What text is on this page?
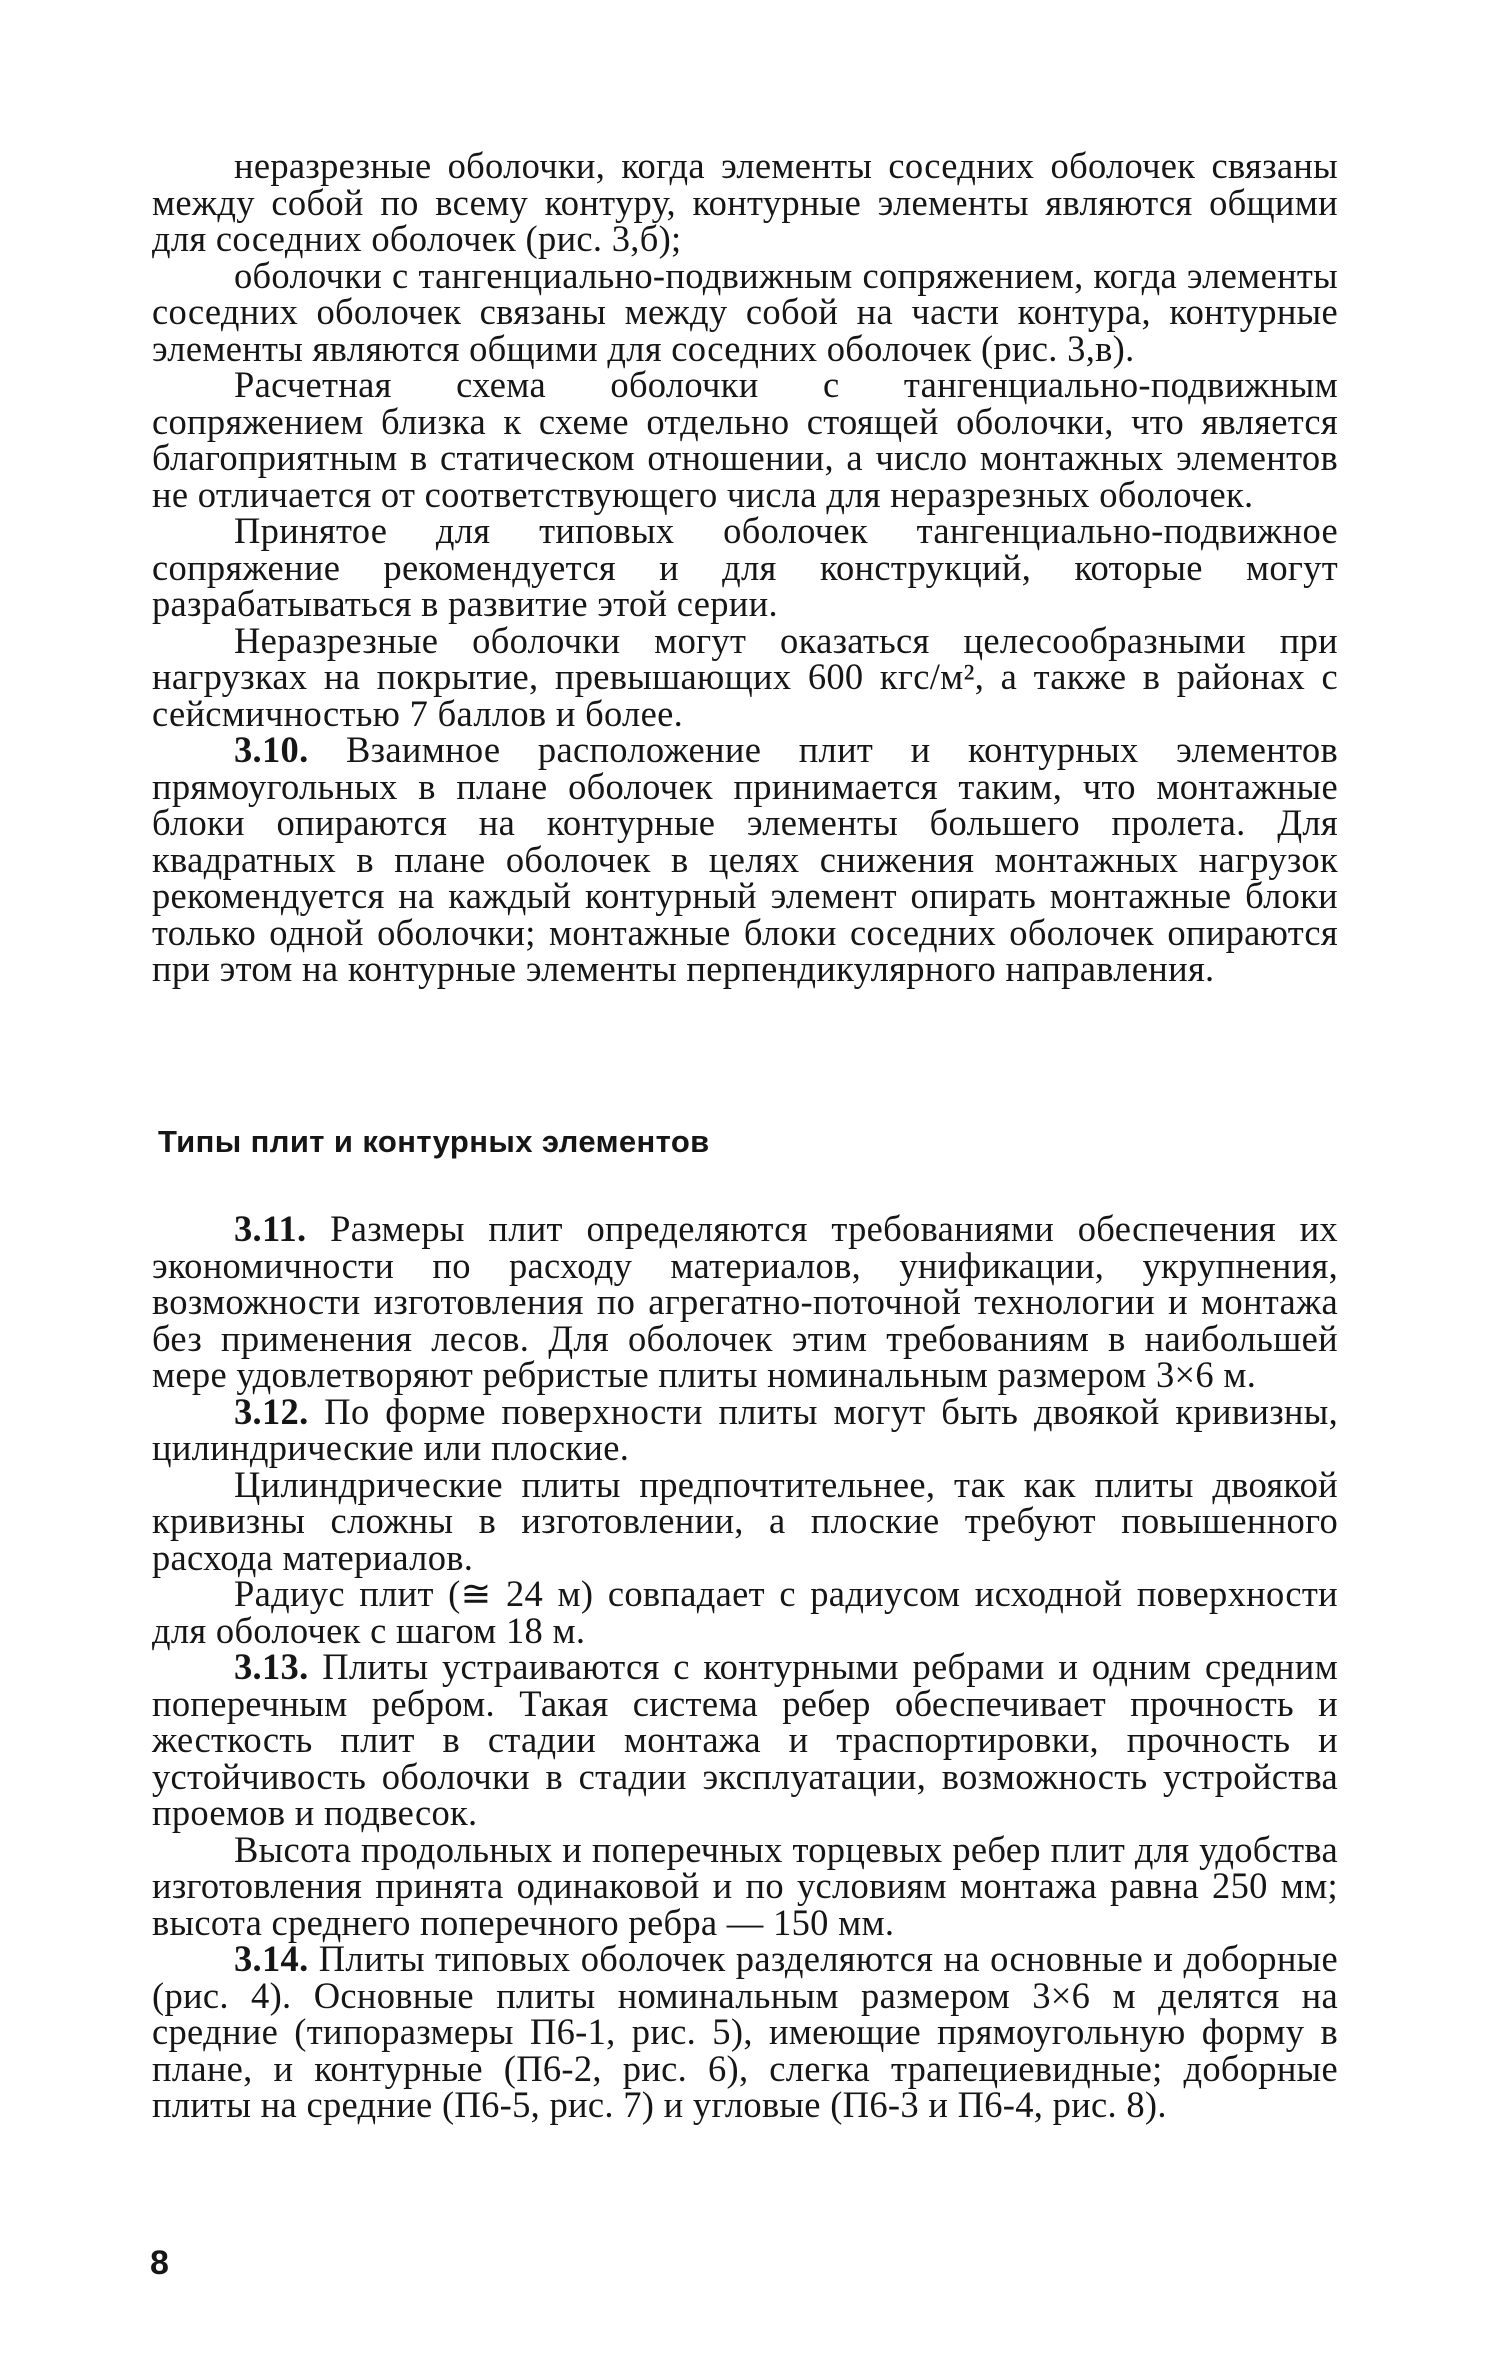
неразрезные оболочки, когда элементы соседних оболочек связаны между собой по всему контуру, контурные элементы являются общими для соседних оболочек (рис. 3,б);

оболочки с тангенциально-подвижным сопряжением, когда элементы соседних оболочек связаны между собой на части контура, контурные элементы являются общими для соседних оболочек (рис. 3,в).

Расчетная схема оболочки с тангенциально-подвижным сопряжением близка к схеме отдельно стоящей оболочки, что является благоприятным в статическом отношении, а число монтажных элементов не отличается от соответствующего числа для неразрезных оболочек.

Принятое для типовых оболочек тангенциально-подвижное сопряжение рекомендуется и для конструкций, которые могут разрабатываться в развитие этой серии.

Неразрезные оболочки могут оказаться целесообразными при нагрузках на покрытие, превышающих 600 кгс/м², а также в районах с сейсмичностью 7 баллов и более.

3.10. Взаимное расположение плит и контурных элементов прямоугольных в плане оболочек принимается таким, что монтажные блоки опираются на контурные элементы большего пролета. Для квадратных в плане оболочек в целях снижения монтажных нагрузок рекомендуется на каждый контурный элемент опирать монтажные блоки только одной оболочки; монтажные блоки соседних оболочек опираются при этом на контурные элементы перпендикулярного направления.

Типы плит и контурных элементов

3.11. Размеры плит определяются требованиями обеспечения их экономичности по расходу материалов, унификации, укрупнения, возможности изготовления по агрегатно-поточной технологии и монтажа без применения лесов. Для оболочек этим требованиям в наибольшей мере удовлетворяют ребристые плиты номинальным размером 3×6 м.

3.12. По форме поверхности плиты могут быть двоякой кривизны, цилиндрические или плоские.

Цилиндрические плиты предпочтительнее, так как плиты двоякой кривизны сложны в изготовлении, а плоские требуют повышенного расхода материалов.

Радиус плит (≅ 24 м) совпадает с радиусом исходной поверхности для оболочек с шагом 18 м.

3.13. Плиты устраиваются с контурными ребрами и одним средним поперечным ребром. Такая система ребер обеспечивает прочность и жесткость плит в стадии монтажа и траспортировки, прочность и устойчивость оболочки в стадии эксплуатации, возможность устройства проемов и подвесок.

Высота продольных и поперечных торцевых ребер плит для удобства изготовления принята одинаковой и по условиям монтажа равна 250 мм; высота среднего поперечного ребра — 150 мм.

3.14. Плиты типовых оболочек разделяются на основные и доборные (рис. 4). Основные плиты номинальным размером 3×6 м делятся на средние (типоразмеры П6-1, рис. 5), имеющие прямоугольную форму в плане, и контурные (П6-2, рис. 6), слегка трапециевидные; доборные плиты на средние (П6-5, рис. 7) и угловые (П6-3 и П6-4, рис. 8).

8
